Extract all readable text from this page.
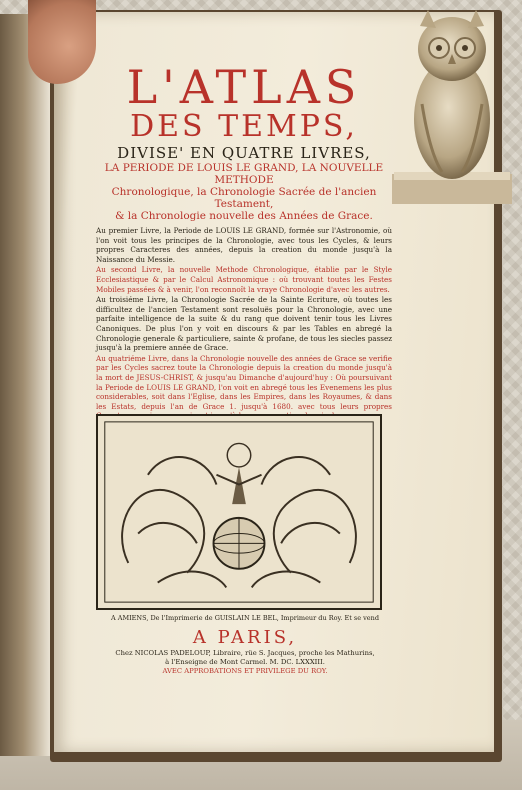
L'ATLAS
DES TEMPS,
DIVISE' EN QUATRE LIVRES,
LA PERIODE DE LOUIS LE GRAND, LA NOUVELLE METHODE
Chronologique, la Chronologie Sacrée de l'ancien Testament,
& la Chronologie nouvelle des Années de Grace.

Au premier Livre, la Periode de LOUIS LE GRAND, formée sur l'Astronomie, où l'on voit tous les principes de la Chronologie, avec tous les Cycles, & leurs propres Caracteres des années, depuis la creation du monde jusqu'à la Naissance du Messie.

Au second Livre, la nouvelle Methode Chronologique, établie par le Style Ecclesiastique & par le Calcul Astronomique : où trouvant toutes les Festes Mobiles passées & à venir, l'on reconnoît la vraye Chronologie d'avec les autres.

Au troisiéme Livre, la Chronologie Sacrée de la Sainte Ecriture, où toutes les difficultez de l'ancien Testament sont resoluës pour la Chronologie, avec une parfaite intelligence de la suite & du rang que doivent tenir tous les Livres Canoniques. De plus l'on y voit en discours & par les Tables en abregé la Chronologie generale & particuliere, sainte & profane, de tous les siecles passez jusqu'à la premiere année de Grace.

Au quatriéme Livre, dans la Chronologie nouvelle des années de Grace se verifie par les Cycles sacrez toute la Chronologie depuis la creation du monde jusqu'à la mort de JESUS-CHRIST, & jusqu'au Dimanche d'aujourd'huy : Où poursuivant la Periode de LOUIS LE GRAND, l'on voit en abregé tous les Evenemens les plus considerables, soit dans l'Eglise, dans les Empires, dans les Royaumes, & dans les Estats, depuis l'an de Grace 1. jusqu'à 1680. avec tous leurs propres Caracteres, qui se poursuivent jusqu'à la consommation des siecles.

DEDIE' AU ROY.
PAR R. P. SEIGNEUR DE LA MOTTE.
A AMIENS, De l'Imprimerie de GUISLAIN LE BEL, Imprimeur du Roy. Et se vend
A PARIS,
Chez NICOLAS PADELOUP, Libraire, rüe S. Jacques, proche les Mathurins,
à l'Enseigne de Mont Carmel. M. DC. LXXXIII.
AVEC APPROBATIONS ET PRIVILEGE DU ROY.
